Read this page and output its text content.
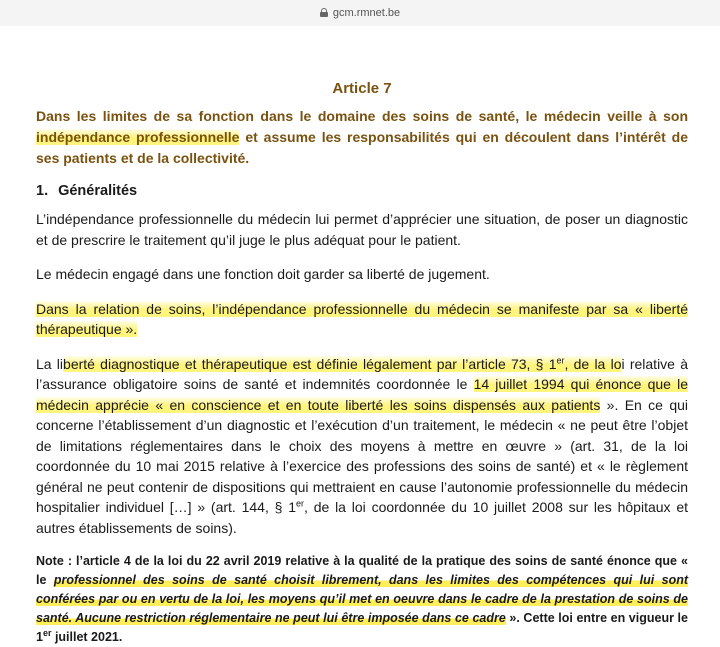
gcm.rmnet.be
Article 7

Dans les limites de sa fonction dans le domaine des soins de santé, le médecin veille à son indépendance professionnelle et assume les responsabilités qui en découlent dans l’intérêt de ses patients et de la collectivité.

1. Généralités

L’indépendance professionnelle du médecin lui permet d’apprécier une situation, de poser un diagnostic et de prescrire le traitement qu’il juge le plus adéquat pour le patient.

Le médecin engagé dans une fonction doit garder sa liberté de jugement.

Dans la relation de soins, l’indépendance professionnelle du médecin se manifeste par sa « liberté thérapeutique ».

La liberté diagnostique et thérapeutique est définie légalement par l’article 73, § 1er, de la loi relative à l’assurance obligatoire soins de santé et indemnités coordonnée le 14 juillet 1994 qui énonce que le médecin apprécie « en conscience et en toute liberté les soins dispensés aux patients ». En ce qui concerne l’établissement d’un diagnostic et l’exécution d’un traitement, le médecin « ne peut être l’objet de limitations réglementaires dans le choix des moyens à mettre en œuvre » (art. 31, de la loi coordonnée du 10 mai 2015 relative à l’exercice des professions des soins de santé) et « le règlement général ne peut contenir de dispositions qui mettraient en cause l’autonomie professionnelle du médecin hospitalier individuel […] » (art. 144, § 1er, de la loi coordonnée du 10 juillet 2008 sur les hôpitaux et autres établissements de soins).

Note : l’article 4 de la loi du 22 avril 2019 relative à la qualité de la pratique des soins de santé énonce que « le professionnel des soins de santé choisit librement, dans les limites des compétences qui lui sont conférées par ou en vertu de la loi, les moyens qu’il met en oeuvre dans le cadre de la prestation de soins de santé. Aucune restriction réglementaire ne peut lui être imposée dans ce cadre ». Cette loi entre en vigueur le 1er juillet 2021.
